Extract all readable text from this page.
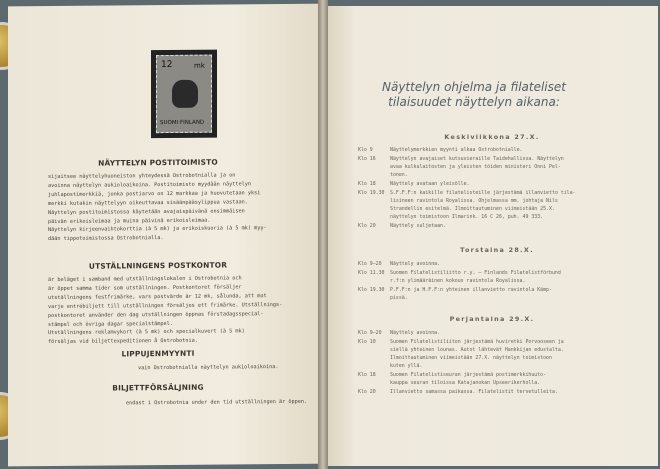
12	mk
SUOMI·FINLAND
NÄYTTELYN POSTITOIMISTO
sijaitsee näyttelyhuoneiston yhteydessä Ostrobotnialla ja on
avoinna näyttelyn aukioloaikoina. Postitoimisto myydään näyttelyn
juhlapostimerkkiä, jonka postiarvo on 12 markkaa ja huovutetaan yksi
merkki kutakin näyttelyyn oikeuttavaa sisäänpääsylippua vastaan.
Näyttelyn postitoimistossa käytetään avajaispäivänä ensimmäisen
päivän erikoisleimaa ja muina päivinä erikoisleimaa.
Näyttelyn kirjeenvaihtokorttia (à 5 mk) ja erikoiskuoria (à 5 mk) myy-
dään tippotoimistossa Ostrobotnialla.
UTSTÄLLNINGENS POSTKONTOR
är beläget i samband med utställningslokalen i Ostrobotnia och
är öppet samma tider som utställningen. Postkontoret försäljer
utställningens festfrimärke, vars postvärde är 12 mk, sålunda, att mot
varje entrébiljett till utställningen försäljes ett frimärke. Utställnings-
postkontoret använder den dag utställningen öppnas förstadagsspecial-
stämpel och övriga dagar specialstämpel.
Utställningens reklamvykort (à 5 mk) och specialkuvert (à 5 mk)
försäljas vid biljettexpeditionen å Ostrobotnia.
LIPPUJENMYYNTI
vain Ostrobotnialla näyttelyn aukioloaikoina.
BILJETTFÖRSÄLJNING
endast i Ostrobotnia under den tid utställningen är öppen.
Näyttelyn ohjelma ja filateliset
tilaisuudet näyttelyn aikana:
Keskiviikkona 27.X.
Klo 9	Näyttelymerkkien myynti alkaa Ostrobotnialle.
Klo 16	Näyttelyn avajaiset kutsuvieraille Taidehallissa. Näyttelyn
avaa kulkulaitosten ja yleisten töiden ministeri Onni Pel-
tonen.
Klo 18	Näyttely avataan yleisölle.
Klo 19.30 S.F.F.F:n kaikille filatelisteille järjestämä illanvietto tila-
lisineen ravintola Royalissa. Ohjelmassa mm. johtaja Nils
Strandellin esitelmä. Ilmoittautuminen viimeistään 25.X.
näyttelyn toimistoon Ilmarink. 16 C 26, puh. 49 333.
Klo 20	Näyttely suljetaan.
Torstaina 28.X.
Klo 9—20 Näyttely avoinna.
Klo 11.30 Suomen Filatelistiliitto r.y. — Finlands Filatelistförbund
r.f:n ylimääräinen kokous ravintola Royalissa.
Klo 19.30 P.F.F:n ja H.F.F:n yhteinen illanvietto ravintola Kämp-
pissä.
Perjantaina 29.X.
Klo 9—20 Näyttely avoinna.
Klo 10	Suomen Filatelistiliiton järjestämä huviretki Porvooseen ja
siellä yhteinen lounas. Autot lähtevät Hankkijan edustalta.
Ilmoittautuminen viimeistään 27.X. näyttelyn toimistoon
kuten yllä.
Klo 18	Suomen Filatelistiseuran järjestämä postimerkkihuuto-
kauppa seuran tiloissa Katajanokan Upseerikerholla.
Klo 20	Illanvietto samassa paikassa. Filatelistit tervetulleita.
